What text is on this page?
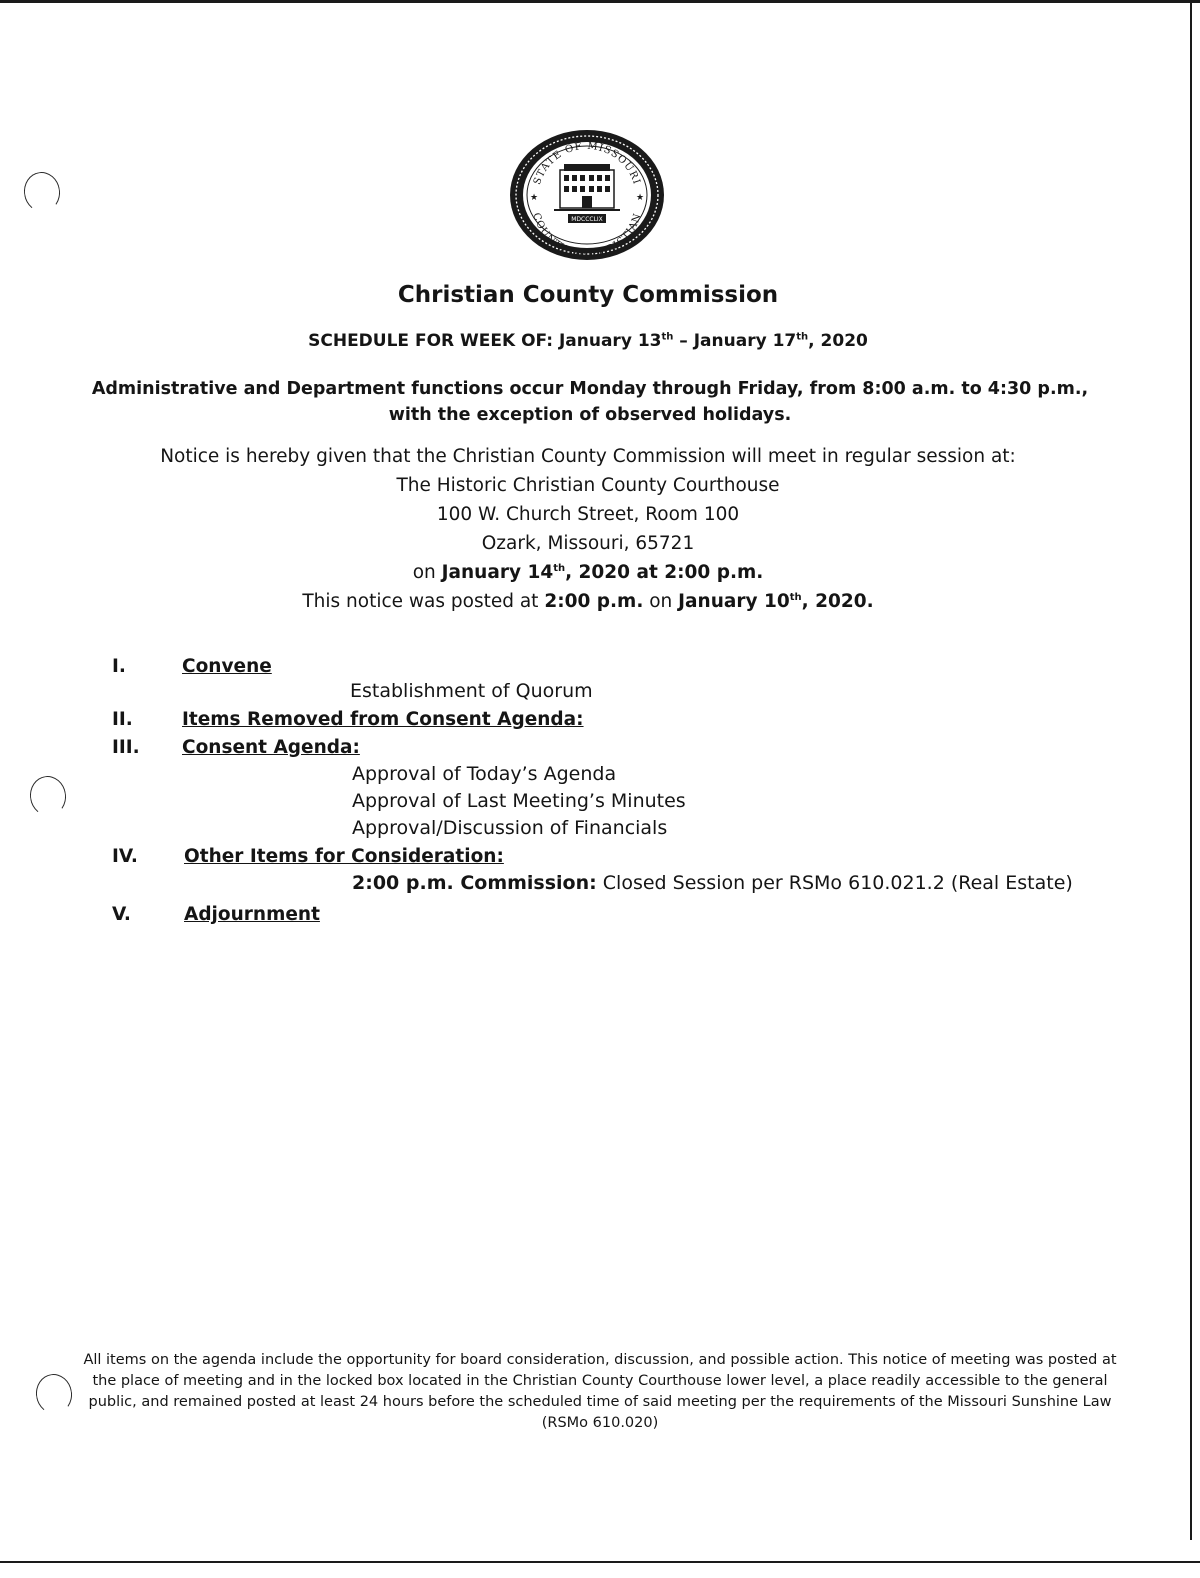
STATE OF MISSOURI
COUNTY OF CHRISTIAN
MDCCCLIX
★	★
Christian County Commission
SCHEDULE FOR WEEK OF: January 13th – January 17th, 2020
Administrative and Department functions occur Monday through Friday, from 8:00 a.m. to 4:30 p.m.,
with the exception of observed holidays.
Notice is hereby given that the Christian County Commission will meet in regular session at:
The Historic Christian County Courthouse
100 W. Church Street, Room 100
Ozark, Missouri, 65721
on January 14th, 2020 at 2:00 p.m.
This notice was posted at 2:00 p.m. on January 10th, 2020.
I.	Convene
Establishment of Quorum
II.	Items Removed from Consent Agenda:
III. Consent Agenda:
Approval of Today’s Agenda
Approval of Last Meeting’s Minutes
Approval/Discussion of Financials
IV. Other Items for Consideration:
2:00 p.m. Commission: Closed Session per RSMo 610.021.2 (Real Estate)
V.	Adjournment
All items on the agenda include the opportunity for board consideration, discussion, and possible action. This notice of meeting was posted at the place of meeting and in the locked box located in the Christian County Courthouse lower level, a place readily accessible to the general public, and remained posted at least 24 hours before the scheduled time of said meeting per the requirements of the Missouri Sunshine Law (RSMo 610.020)
